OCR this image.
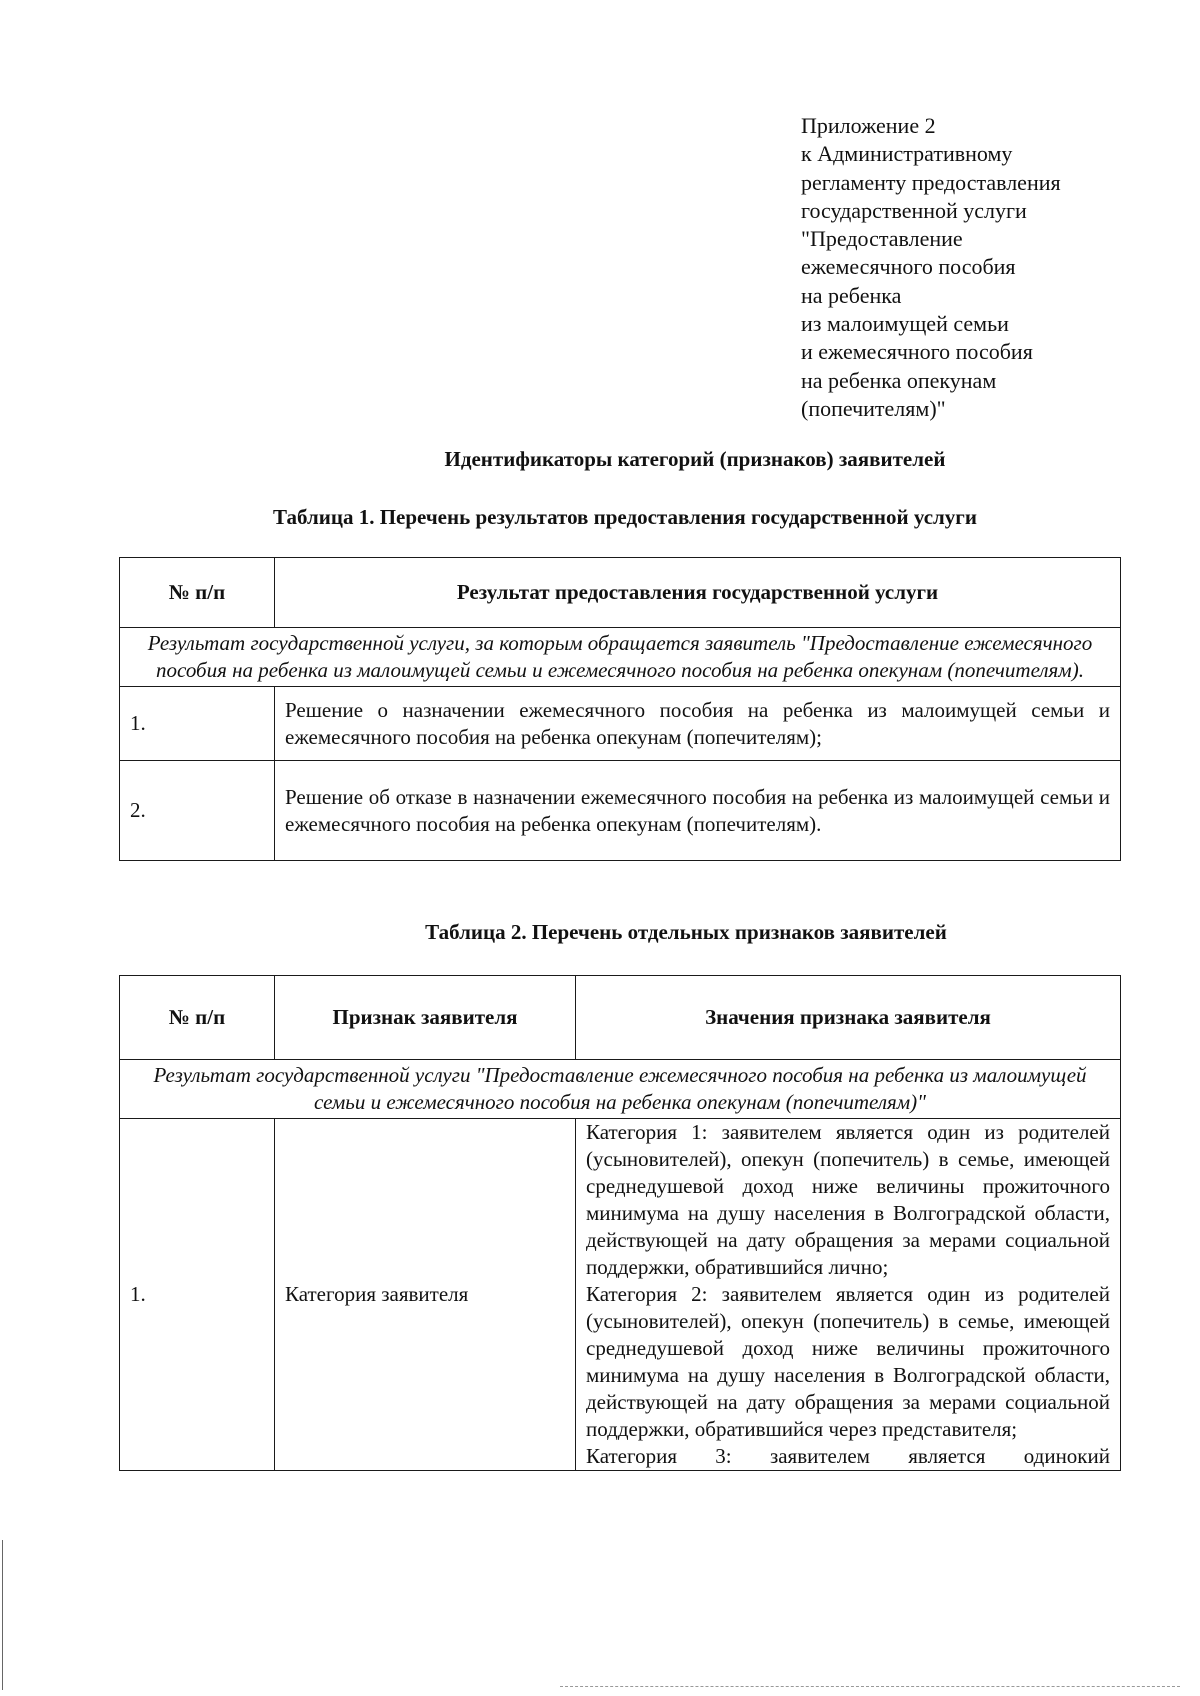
Приложение 2
к Административному
регламенту предоставления
государственной услуги
"Предоставление
ежемесячного пособия
на ребенка
из малоимущей семьи
и ежемесячного пособия
на ребенка опекунам
(попечителям)"
Идентификаторы категорий (признаков) заявителей
Таблица 1. Перечень результатов предоставления государственной услуги
№ п/п	Результат предоставления государственной услуги
Результат государственной услуги, за которым обращается заявитель "Предоставление ежемесячного пособия на ребенка из малоимущей семьи и ежемесячного пособия на ребенка опекунам (попечителям).	
1.	Решение о назначении ежемесячного пособия на ребенка из малоимущей семьи и ежемесячного пособия на ребенка опекунам (попечителям);
2.	Решение об отказе в назначении ежемесячного пособия на ребенка из малоимущей семьи и ежемесячного пособия на ребенка опекунам (попечителям).
Таблица 2. Перечень отдельных признаков заявителей
№ п/п	Признак заявителя	Значения признака заявителя
Результат государственной услуги "Предоставление ежемесячного пособия на ребенка из малоимущей семьи и ежемесячного пособия на ребенка опекунам (попечителям)"		
1.	Категория заявителя	Категория 1: заявителем является один из родителей (усыновителей), опекун (попечитель) в семье, имеющей среднедушевой доход ниже величины прожиточного минимума на душу населения в Волгоградской области, действующей на дату обращения за мерами социальной поддержки, обратившийся лично;

Категория 2: заявителем является один из родителей (усыновителей), опекун (попечитель) в семье, имеющей среднедушевой доход ниже величины прожиточного минимума на душу населения в Волгоградской области, действующей на дату обращения за мерами социальной поддержки, обратившийся через представителя;

Категория 3: заявителем является одинокий
